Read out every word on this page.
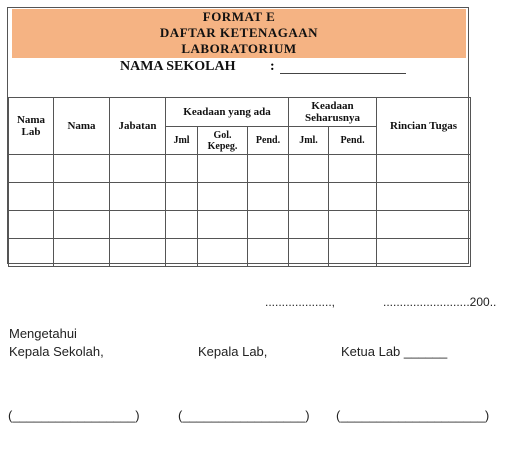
FORMAT E
DAFTAR KETENAGAAN
LABORATORIUM
NAMA SEKOLAH :
Nama Lab	Nama	Jabatan	Keadaan yang ada			Keadaan Seharusnya		Rincian Tugas
			Jml	Gol. Kepeg.	Pend.	Jml.	Pend.	

....................,	..........................200..
Mengetahui
Kepala Sekolah,	Kepala Lab,	Ketua Lab ______
(_________________)	(_________________) (____________________)
